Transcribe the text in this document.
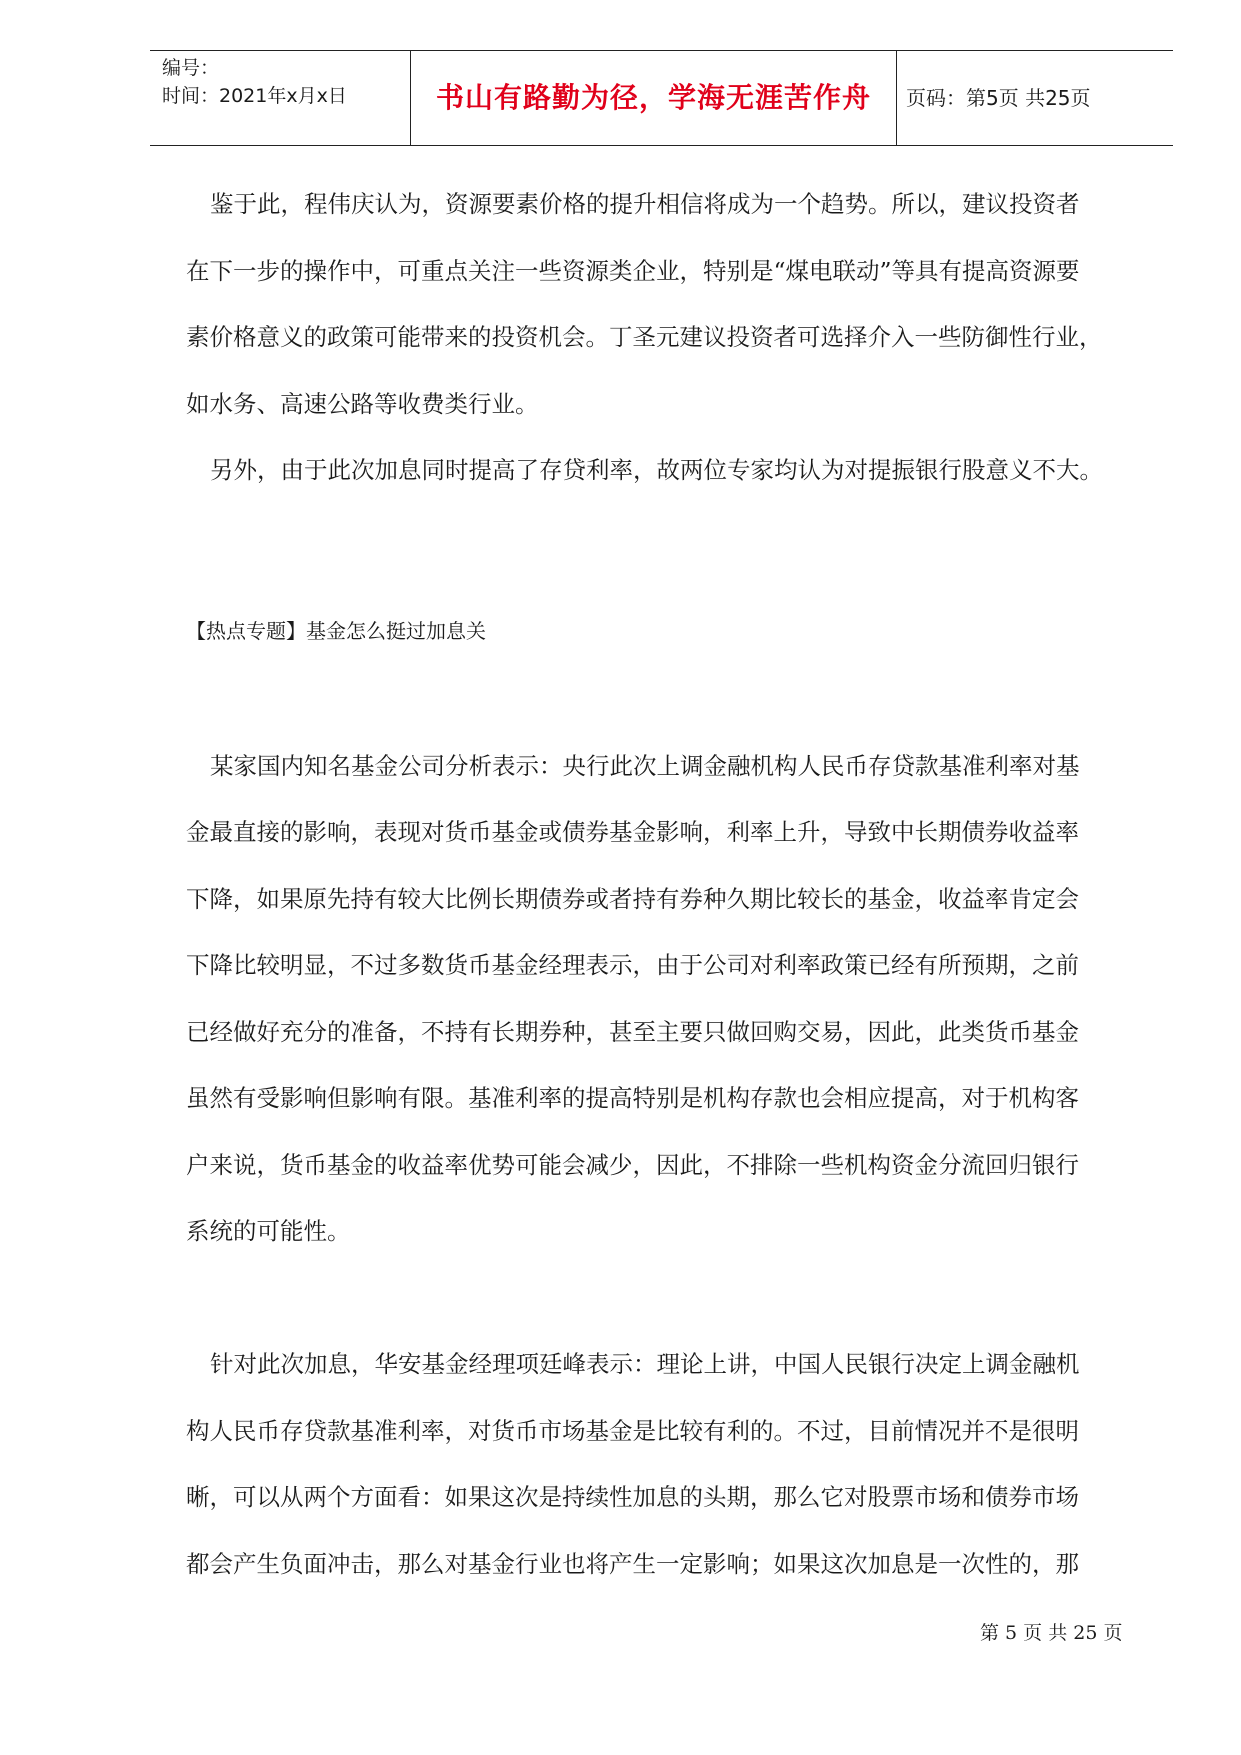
编号：
时间：2021年x月x日	书山有路勤为径，学海无涯苦作舟	页码：第5页 共25页
鉴于此，程伟庆认为，资源要素价格的提升相信将成为一个趋势。所以，建议投资者
在下一步的操作中，可重点关注一些资源类企业，特别是“煤电联动”等具有提高资源要
素价格意义的政策可能带来的投资机会。丁圣元建议投资者可选择介入一些防御性行业，
如水务、高速公路等收费类行业。
另外，由于此次加息同时提高了存贷利率，故两位专家均认为对提振银行股意义不大。
【热点专题】基金怎么挺过加息关
某家国内知名基金公司分析表示：央行此次上调金融机构人民币存贷款基准利率对基
金最直接的影响，表现对货币基金或债券基金影响，利率上升，导致中长期债券收益率
下降，如果原先持有较大比例长期债券或者持有券种久期比较长的基金，收益率肯定会
下降比较明显，不过多数货币基金经理表示，由于公司对利率政策已经有所预期，之前
已经做好充分的准备，不持有长期券种，甚至主要只做回购交易，因此，此类货币基金
虽然有受影响但影响有限。基准利率的提高特别是机构存款也会相应提高，对于机构客
户来说，货币基金的收益率优势可能会减少，因此，不排除一些机构资金分流回归银行
系统的可能性。
针对此次加息，华安基金经理项廷峰表示：理论上讲，中国人民银行决定上调金融机
构人民币存贷款基准利率，对货币市场基金是比较有利的。不过，目前情况并不是很明
晰，可以从两个方面看：如果这次是持续性加息的头期，那么它对股票市场和债券市场
都会产生负面冲击，那么对基金行业也将产生一定影响；如果这次加息是一次性的，那
第 5 页 共 25 页
